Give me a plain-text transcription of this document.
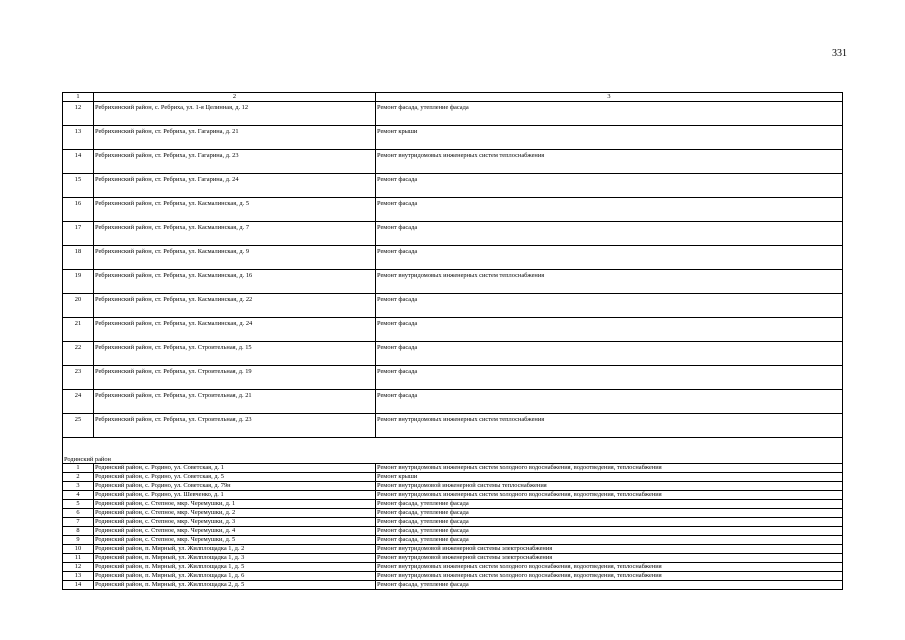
331
1	2	3
12	Ребрихинский район, с. Ребриха, ул. 1-я Целинная, д. 12	Ремонт фасада, утепление фасада
13	Ребрихинский район, ст. Ребриха, ул. Гагарина, д. 21	Ремонт крыши
14	Ребрихинский район, ст. Ребриха, ул. Гагарина, д. 23	Ремонт внутридомовых инженерных систем теплоснабжения
15	Ребрихинский район, ст. Ребриха, ул. Гагарина, д. 24	Ремонт фасада
16	Ребрихинский район, ст. Ребриха, ул. Касмалинская, д. 5	Ремонт фасада
17	Ребрихинский район, ст. Ребриха, ул. Касмалинская, д. 7	Ремонт фасада
18	Ребрихинский район, ст. Ребриха, ул. Касмалинская, д. 9	Ремонт фасада
19	Ребрихинский район, ст. Ребриха, ул. Касмалинская, д. 16	Ремонт внутридомовых инженерных систем теплоснабжения
20	Ребрихинский район, ст. Ребриха, ул. Касмалинская, д. 22	Ремонт фасада
21	Ребрихинский район, ст. Ребриха, ул. Касмалинская, д. 24	Ремонт фасада
22	Ребрихинский район, ст. Ребриха, ул. Строительная, д. 15	Ремонт фасада
23	Ребрихинский район, ст. Ребриха, ул. Строительная, д. 19	Ремонт фасада
24	Ребрихинский район, ст. Ребриха, ул. Строительная, д. 21	Ремонт фасада
25	Ребрихинский район, ст. Ребриха, ул. Строительная, д. 23	Ремонт внутридомовых инженерных систем теплоснабжения
Родинский район		
1	Родинский район, с. Родино, ул. Советская, д. 1	Ремонт внутридомовых инженерных систем холодного водоснабжения, водоотведения, теплоснабжения
2	Родинский район, с. Родино, ул. Советская, д. 5	Ремонт крыши
3	Родинский район, с. Родино, ул. Советская, д. 79н	Ремонт внутридомовой инженерной системы теплоснабжения
4	Родинский район, с. Родино, ул. Шевченко, д. 1	Ремонт внутридомовых инженерных систем холодного водоснабжения, водоотведения, теплоснабжения
5	Родинский район, с. Степное, мкр. Черемушки, д. 1	Ремонт фасада, утепление фасада
6	Родинский район, с. Степное, мкр. Черемушки, д. 2	Ремонт фасада, утепление фасада
7	Родинский район, с. Степное, мкр. Черемушки, д. 3	Ремонт фасада, утепление фасада
8	Родинский район, с. Степное, мкр. Черемушки, д. 4	Ремонт фасада, утепление фасада
9	Родинский район, с. Степное, мкр. Черемушки, д. 5	Ремонт фасада, утепление фасада
10	Родинский район, п. Мирный, ул. Жилплощадка 1, д. 2	Ремонт внутридомовой инженерной системы электроснабжения
11	Родинский район, п. Мирный, ул. Жилплощадка 1, д. 3	Ремонт внутридомовой инженерной системы электроснабжения
12	Родинский район, п. Мирный, ул. Жилплощадка 1, д. 5	Ремонт внутридомовых инженерных систем холодного водоснабжения, водоотведения, теплоснабжения
13	Родинский район, п. Мирный, ул. Жилплощадка 1, д. 6	Ремонт внутридомовых инженерных систем холодного водоснабжения, водоотведения, теплоснабжения
14	Родинский район, п. Мирный, ул. Жилплощадка 2, д. 5	Ремонт фасада, утепление фасада
